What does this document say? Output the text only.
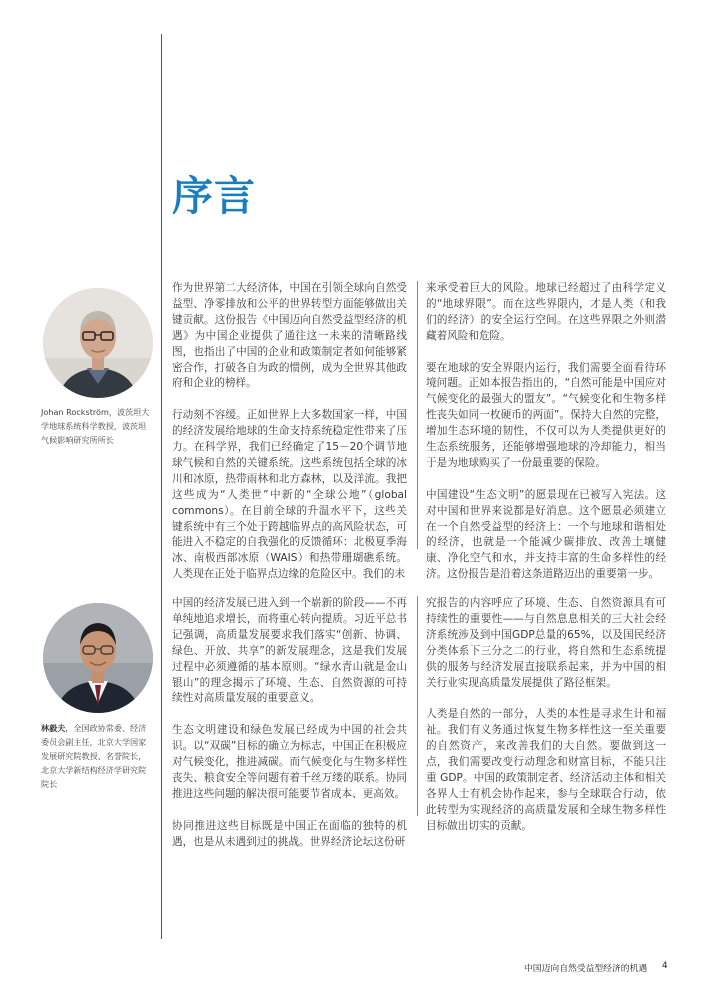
序言
Johan Rockström，波茨坦大学地球系统科学教授，波茨坦气候影响研究所所长

作为世界第二大经济体，中国在引领全球向自然受益型、净零排放和公平的世界转型方面能够做出关键贡献。这份报告《中国迈向自然受益型经济的机遇》为中国企业提供了通往这一未来的清晰路线图，也指出了中国的企业和政策制定者如何能够紧密合作，打破各自为政的惯例，成为全世界其他政府和企业的榜样。

行动刻不容缓。正如世界上大多数国家一样，中国的经济发展给地球的生命支持系统稳定性带来了压力。在科学界，我们已经确定了15－20个调节地球气候和自然的关键系统。这些系统包括全球的冰川和冰原，热带雨林和北方森林，以及洋流。我把这些成为“人类世”中新的“全球公地”（global commons）。在目前全球的升温水平下，这些关键系统中有三个处于跨越临界点的高风险状态，可能进入不稳定的自我强化的反馈循环：北极夏季海冰、南极西部冰原（WAIS）和热带珊瑚礁系统。人类现在正处于临界点边缘的危险区中。我们的未

来承受着巨大的风险。地球已经超过了由科学定义的“地球界限”。而在这些界限内，才是人类（和我们的经济）的安全运行空间。在这些界限之外则潜藏着风险和危险。

要在地球的安全界限内运行，我们需要全面看待环境问题。正如本报告指出的，“自然可能是中国应对气候变化的最强大的盟友”。“气候变化和生物多样性丧失如同一枚硬币的两面”。保持大自然的完整，增加生态环境的韧性，不仅可以为人类提供更好的生态系统服务，还能够增强地球的冷却能力，相当于是为地球购买了一份最重要的保险。

中国建设“生态文明”的愿景现在已被写入宪法。这对中国和世界来说都是好消息。这个愿景必须建立在一个自然受益型的经济上：一个与地球和谐相处的经济，也就是一个能减少碳排放、改善土壤健康、净化空气和水，并支持丰富的生命多样性的经济。这份报告是沿着这条道路迈出的重要第一步。

林毅夫，全国政协常委、经济委员会副主任，北京大学国家发展研究院教授、名誉院长，北京大学新结构经济学研究院院长

中国的经济发展已进入到一个崭新的阶段——不再单纯地追求增长，而将重心转向提质。习近平总书记强调，高质量发展要求我们落实“创新、协调、绿色、开放、共享”的新发展理念，这是我们发展过程中必须遵循的基本原则。“绿水青山就是金山银山”的理念揭示了环境、生态、自然资源的可持续性对高质量发展的重要意义。

生态文明建设和绿色发展已经成为中国的社会共识。以“双碳”目标的确立为标志，中国正在积极应对气候变化，推进减碳。而气候变化与生物多样性丧失、粮食安全等问题有着千丝万缕的联系。协同推进这些问题的解决很可能要节省成本、更高效。

协同推进这些目标既是中国正在面临的独特的机遇，也是从未遇到过的挑战。世界经济论坛这份研

究报告的内容呼应了环境、生态、自然资源具有可持续性的重要性——与自然息息相关的三大社会经济系统涉及到中国GDP总量的65%，以及国民经济分类体系下三分之二的行业，将自然和生态系统提供的服务与经济发展直接联系起来，并为中国的相关行业实现高质量发展提供了路径框架。

人类是自然的一部分，人类的本性是寻求生计和福祉。我们有义务通过恢复生物多样性这一至关重要的自然资产，来改善我们的大自然。要做到这一点，我们需要改变行动理念和财富目标，不能只注重 GDP。中国的政策制定者、经济活动主体和相关各界人士有机会协作起来，参与全球联合行动，依此转型为实现经济的高质量发展和全球生物多样性目标做出切实的贡献。

中国迈向自然受益型经济的机遇 4
